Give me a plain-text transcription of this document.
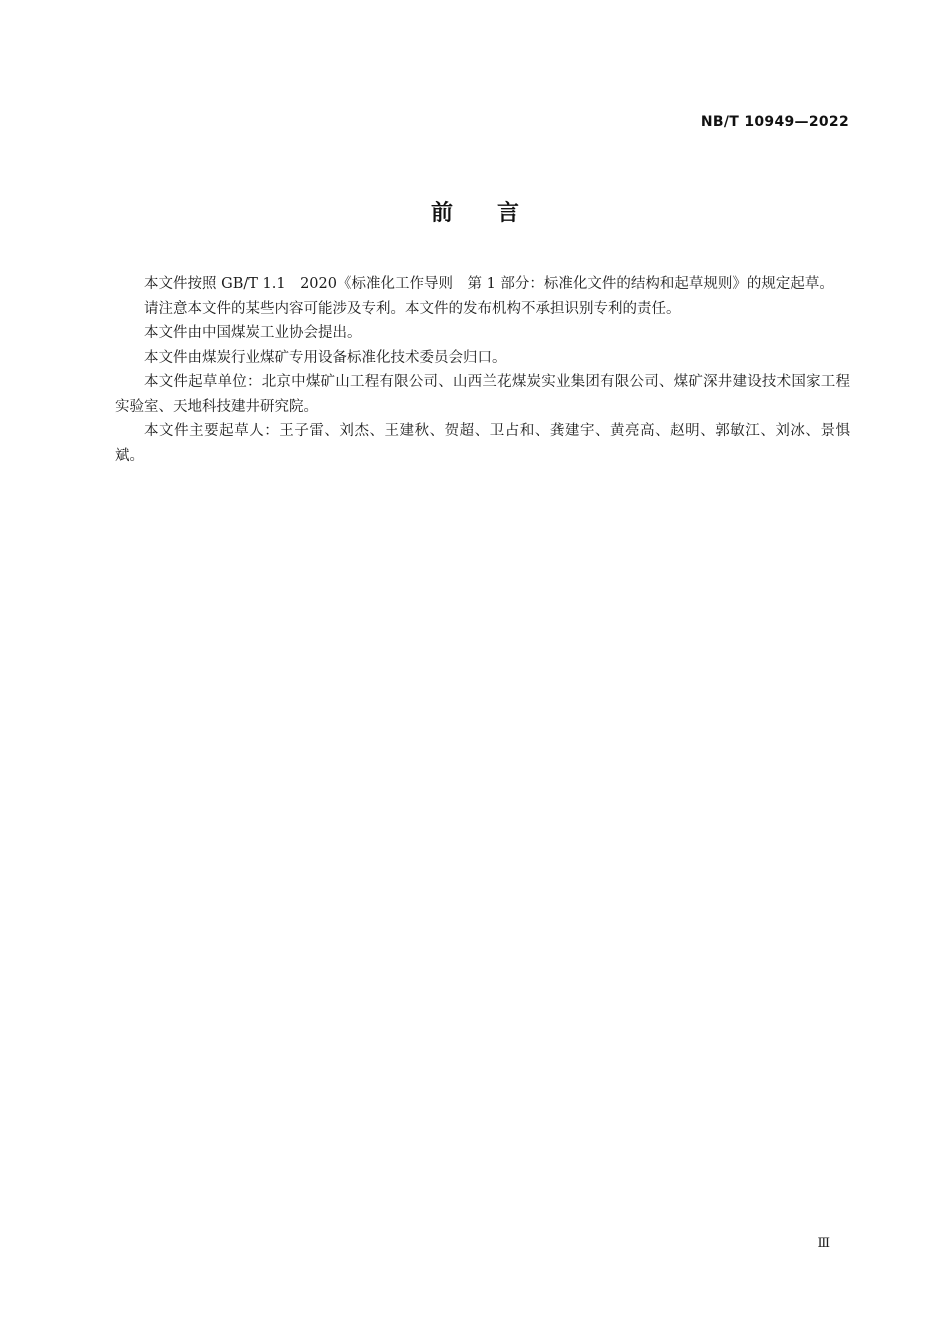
NB/T 10949—2022
前言

本文件按照 GB/T 1.1　2020《标准化工作导则　第 1 部分：标准化文件的结构和起草规则》的规定起草。

请注意本文件的某些内容可能涉及专利。本文件的发布机构不承担识别专利的责任。

本文件由中国煤炭工业协会提出。

本文件由煤炭行业煤矿专用设备标准化技术委员会归口。

本文件起草单位：北京中煤矿山工程有限公司、山西兰花煤炭实业集团有限公司、煤矿深井建设技术国家工程实验室、天地科技建井研究院。

本文件主要起草人：王子雷、刘杰、王建秋、贺超、卫占和、龚建宇、黄亮高、赵明、郭敏江、刘冰、景惧斌。

Ⅲ
